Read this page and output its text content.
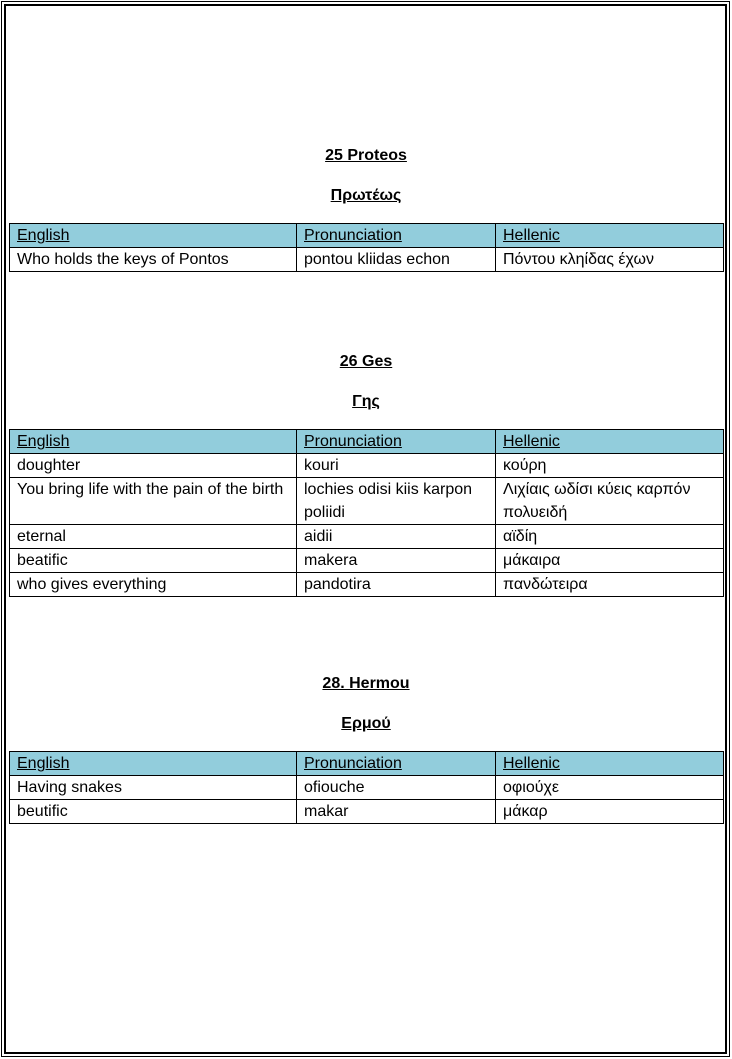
25 Proteos

Πρωτέως

English	Pronunciation	Hellenic
Who holds the keys of Pontos	pontou kliidas echon	Πόντου κληίδας έχων

26 Ges

Γης

English	Pronunciation	Hellenic
doughter	kouri	κούρη
You bring life with the pain of the birth	lochies odisi kiis karpon poliidi	Λιχίαις ωδίσι κύεις καρπόν πολυειδή
eternal	aidii	αϊδίη
beatific	makera	μάκαιρα
who gives everything	pandotira	πανδώτειρα

28. Hermou

Ερμού

English	Pronunciation	Hellenic
Having snakes	ofiouche	οφιούχε
beutific	makar	μάκαρ
